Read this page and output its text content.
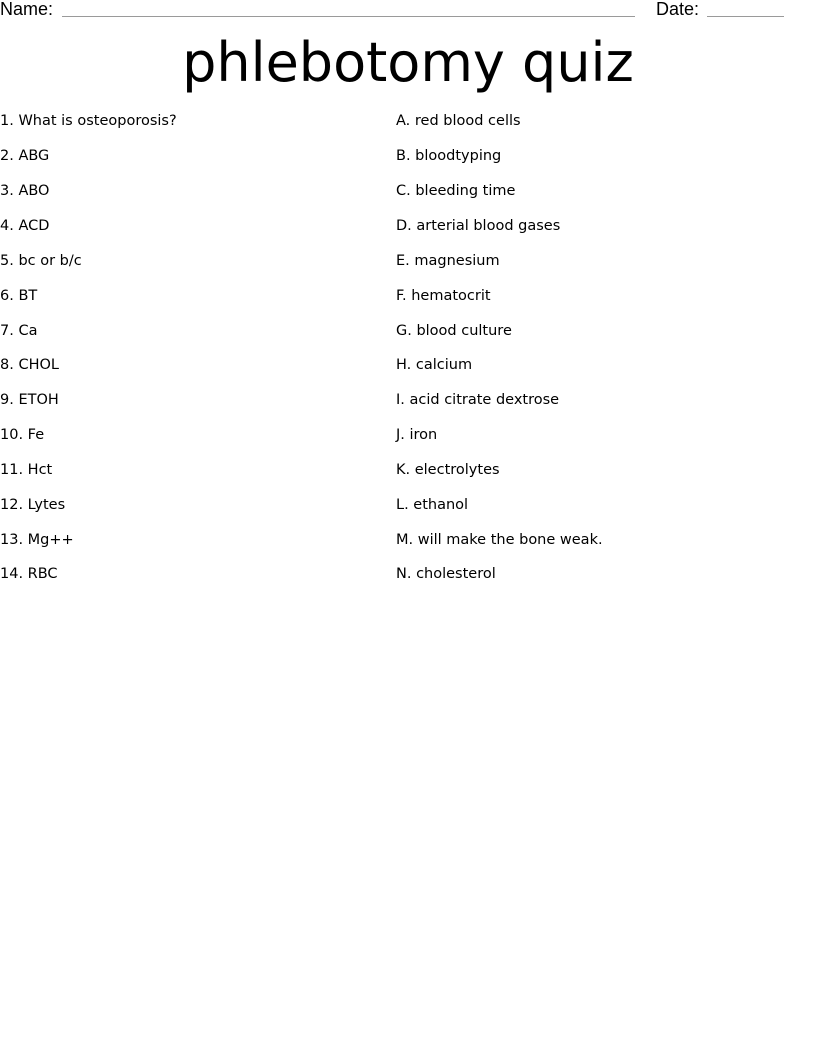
Name:	Date:
phlebotomy quiz
1. What is osteoporosis?
2. ABG
3. ABO
4. ACD
5. bc or b/c
6. BT
7. Ca
8. CHOL
9. ETOH
10. Fe
11. Hct
12. Lytes
13. Mg++
14. RBC
A. red blood cells
B. bloodtyping
C. bleeding time
D. arterial blood gases
E. magnesium
F. hematocrit
G. blood culture
H. calcium
I. acid citrate dextrose
J. iron
K. electrolytes
L. ethanol
M. will make the bone weak.
N. cholesterol
